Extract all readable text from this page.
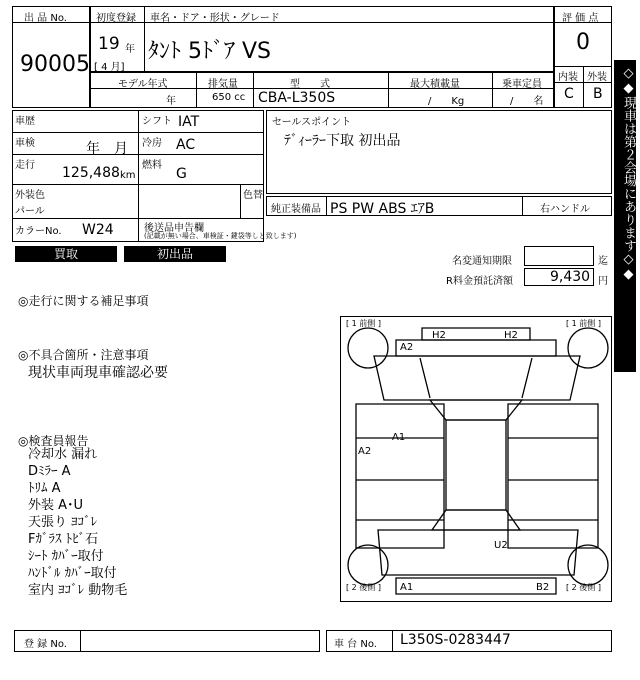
出 品 No.
90005
初度登録
19 年
[ 4 月]
車名・ドア・形状・グレード
ﾀﾝﾄ 5ﾄﾞｱ VS
評 価 点
0
内装 外装
C B
モデル年式
年
排気量
650 cc
型　　式
CBA-L350S
最大積載量
/　　Kg
乗車定員
/　　名
車歴
車検	年　月
走行 125,488 km
外装色
パール
色替
カラーNo. W24
シフト IAT
冷房 AC
燃料
G
後送品申告欄
(記載が無い場合、車検証・鍵袋等しと致します)
セールスポイント
ﾃﾞｨｰﾗｰ下取 初出品
純正装備品 PS PW ABS ｴｱB	右ハンドル
買取	初出品
名変通知期限	迄
R料金預託済額	9,430 円
◎走行に関する補足事項
◎不具合箇所・注意事項
現状車両現車確認必要
◎検査員報告
冷却水 漏れ
Dﾐﾗｰ A
ﾄﾘﾑ A
外装 A･U
天張り ﾖｺﾞﾚ
Fｶﾞﾗｽ ﾄﾋﾞ石
ｼｰﾄ ｶﾊﾞｰ取付
ﾊﾝﾄﾞﾙ ｶﾊﾞｰ取付
室内 ﾖｺﾞﾚ 動物毛
[ 1 前側 ]	[ 1 前側 ]
[ 2 後側 ]	[ 2 後側 ]
A2
H2	H2
A1
A2
U2
A1	B2
登 録 No.	車 台 No. L350S-0283447
◇◆現車は第２会場にあります◇◆
